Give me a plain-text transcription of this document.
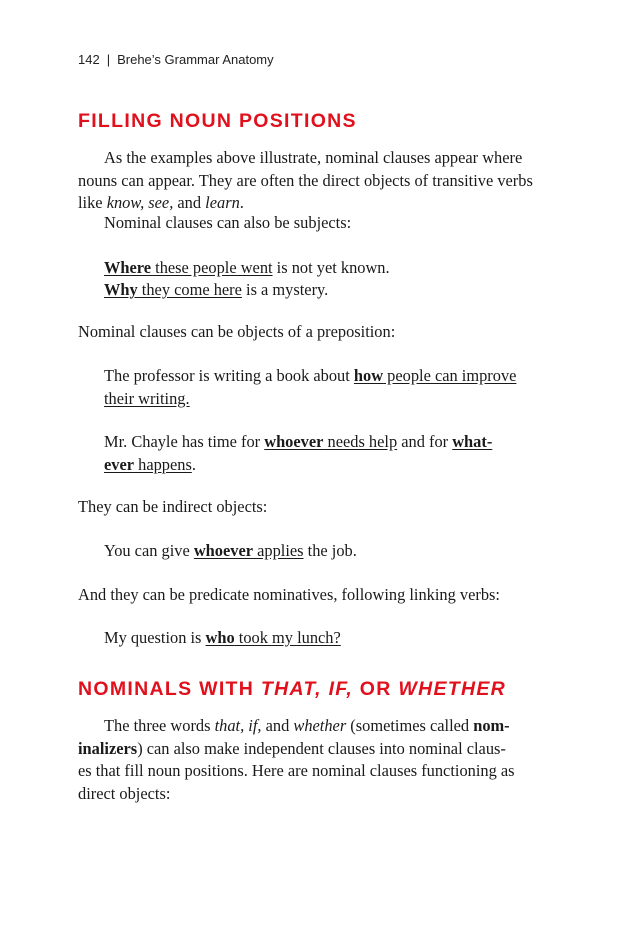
142 | Brehe’s Grammar Anatomy
FILLING NOUN POSITIONS

As the examples above illustrate, nominal clauses appear where nouns can appear. They are often the direct objects of transitive verbs like know, see, and learn.

Nominal clauses can also be subjects:

Where these people went is not yet known.

Why they come here is a mystery.

Nominal clauses can be objects of a preposition:

The professor is writing a book about how people can improve
their writing.

Mr. Chayle has time for whoever needs help and for what-
ever happens.

They can be indirect objects:

You can give whoever applies the job.

And they can be predicate nominatives, following linking verbs:

My question is who took my lunch?

NOMINALS WITH THAT, IF, OR WHETHER

The three words that, if, and whether (sometimes called nom-
inalizers) can also make independent clauses into nominal claus-
es that fill noun positions. Here are nominal clauses functioning as
direct objects:
